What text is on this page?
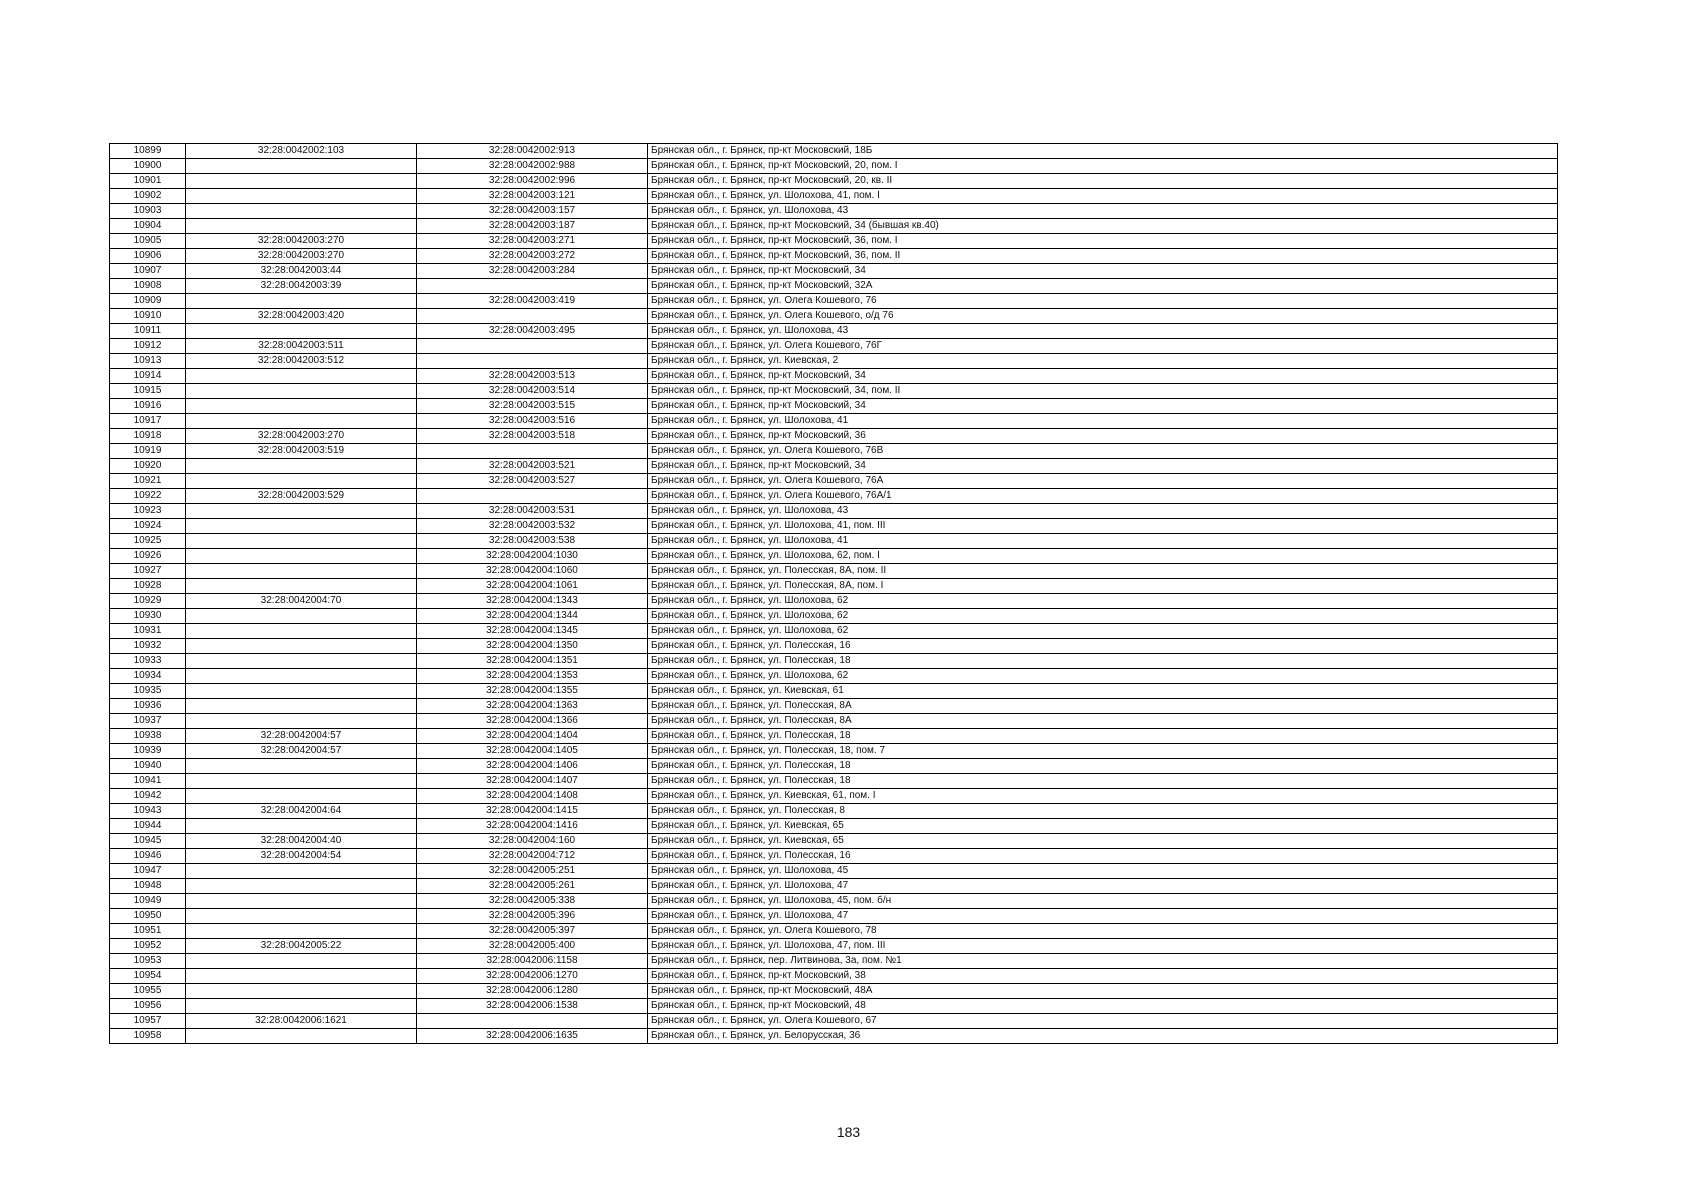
10899	32:28:0042002:103	32:28:0042002:913	Брянская обл., г. Брянск, пр-кт Московский, 18Б
10900		32:28:0042002:988	Брянская обл., г. Брянск, пр-кт Московский, 20, пом. I
10901		32:28:0042002:996	Брянская обл., г. Брянск, пр-кт Московский, 20, кв. II
10902		32:28:0042003:121	Брянская обл., г. Брянск, ул. Шолохова, 41, пом. I
10903		32:28:0042003:157	Брянская обл., г. Брянск, ул. Шолохова, 43
10904		32:28:0042003:187	Брянская обл., г. Брянск, пр-кт Московский, 34 (бывшая кв.40)
10905	32:28:0042003:270	32:28:0042003:271	Брянская обл., г. Брянск, пр-кт Московский, 36, пом. I
10906	32:28:0042003:270	32:28:0042003:272	Брянская обл., г. Брянск, пр-кт Московский, 36, пом. II
10907	32:28:0042003:44	32:28:0042003:284	Брянская обл., г. Брянск, пр-кт Московский, 34
10908	32:28:0042003:39		Брянская обл., г. Брянск, пр-кт Московский, 32А
10909		32:28:0042003:419	Брянская обл., г. Брянск, ул. Олега Кошевого, 76
10910	32:28:0042003:420		Брянская обл., г. Брянск, ул. Олега Кошевого, о/д 76
10911		32:28:0042003:495	Брянская обл., г. Брянск, ул. Шолохова, 43
10912	32:28:0042003:511		Брянская обл., г. Брянск, ул. Олега Кошевого, 76Г
10913	32:28:0042003:512		Брянская обл., г. Брянск, ул. Киевская, 2
10914		32:28:0042003:513	Брянская обл., г. Брянск, пр-кт Московский, 34
10915		32:28:0042003:514	Брянская обл., г. Брянск, пр-кт Московский, 34, пом. II
10916		32:28:0042003:515	Брянская обл., г. Брянск, пр-кт Московский, 34
10917		32:28:0042003:516	Брянская обл., г. Брянск, ул. Шолохова, 41
10918	32:28:0042003:270	32:28:0042003:518	Брянская обл., г. Брянск, пр-кт Московский, 36
10919	32:28:0042003:519		Брянская обл., г. Брянск, ул. Олега Кошевого, 76В
10920		32:28:0042003:521	Брянская обл., г. Брянск, пр-кт Московский, 34
10921		32:28:0042003:527	Брянская обл., г. Брянск, ул. Олега Кошевого, 76А
10922	32:28:0042003:529		Брянская обл., г. Брянск, ул. Олега Кошевого, 76А/1
10923		32:28:0042003:531	Брянская обл., г. Брянск, ул. Шолохова, 43
10924		32:28:0042003:532	Брянская обл., г. Брянск, ул. Шолохова, 41, пом. III
10925		32:28:0042003:538	Брянская обл., г. Брянск, ул. Шолохова, 41
10926		32:28:0042004:1030	Брянская обл., г. Брянск, ул. Шолохова, 62, пом. I
10927		32:28:0042004:1060	Брянская обл., г. Брянск, ул. Полесская, 8А, пом. II
10928		32:28:0042004:1061	Брянская обл., г. Брянск, ул. Полесская, 8А, пом. I
10929	32:28:0042004:70	32:28:0042004:1343	Брянская обл., г. Брянск, ул. Шолохова, 62
10930		32:28:0042004:1344	Брянская обл., г. Брянск, ул. Шолохова, 62
10931		32:28:0042004:1345	Брянская обл., г. Брянск, ул. Шолохова, 62
10932		32:28:0042004:1350	Брянская обл., г. Брянск, ул. Полесская, 16
10933		32:28:0042004:1351	Брянская обл., г. Брянск, ул. Полесская, 18
10934		32:28:0042004:1353	Брянская обл., г. Брянск, ул. Шолохова, 62
10935		32:28:0042004:1355	Брянская обл., г. Брянск, ул. Киевская, 61
10936		32:28:0042004:1363	Брянская обл., г. Брянск, ул. Полесская, 8А
10937		32:28:0042004:1366	Брянская обл., г. Брянск, ул. Полесская, 8А
10938	32:28:0042004:57	32:28:0042004:1404	Брянская обл., г. Брянск, ул. Полесская, 18
10939	32:28:0042004:57	32:28:0042004:1405	Брянская обл., г. Брянск, ул. Полесская, 18, пом. 7
10940		32:28:0042004:1406	Брянская обл., г. Брянск, ул. Полесская, 18
10941		32:28:0042004:1407	Брянская обл., г. Брянск, ул. Полесская, 18
10942		32:28:0042004:1408	Брянская обл., г. Брянск, ул. Киевская, 61, пом. I
10943	32:28:0042004:64	32:28:0042004:1415	Брянская обл., г. Брянск, ул. Полесская, 8
10944		32:28:0042004:1416	Брянская обл., г. Брянск, ул. Киевская, 65
10945	32:28:0042004:40	32:28:0042004:160	Брянская обл., г. Брянск, ул. Киевская, 65
10946	32:28:0042004:54	32:28:0042004:712	Брянская обл., г. Брянск, ул. Полесская, 16
10947		32:28:0042005:251	Брянская обл., г. Брянск, ул. Шолохова, 45
10948		32:28:0042005:261	Брянская обл., г. Брянск, ул. Шолохова, 47
10949		32:28:0042005:338	Брянская обл., г. Брянск, ул. Шолохова, 45, пом. б/н
10950		32:28:0042005:396	Брянская обл., г. Брянск, ул. Шолохова, 47
10951		32:28:0042005:397	Брянская обл., г. Брянск, ул. Олега Кошевого, 78
10952	32:28:0042005:22	32:28:0042005:400	Брянская обл., г. Брянск, ул. Шолохова, 47, пом. III
10953		32:28:0042006:1158	Брянская обл., г. Брянск, пер. Литвинова, 3а, пом. №1
10954		32:28:0042006:1270	Брянская обл., г. Брянск, пр-кт Московский, 38
10955		32:28:0042006:1280	Брянская обл., г. Брянск, пр-кт Московский, 48А
10956		32:28:0042006:1538	Брянская обл., г. Брянск, пр-кт Московский, 48
10957	32:28:0042006:1621		Брянская обл., г. Брянск, ул. Олега Кошевого, 67
10958		32:28:0042006:1635	Брянская обл., г. Брянск, ул. Белорусская, 36
183
